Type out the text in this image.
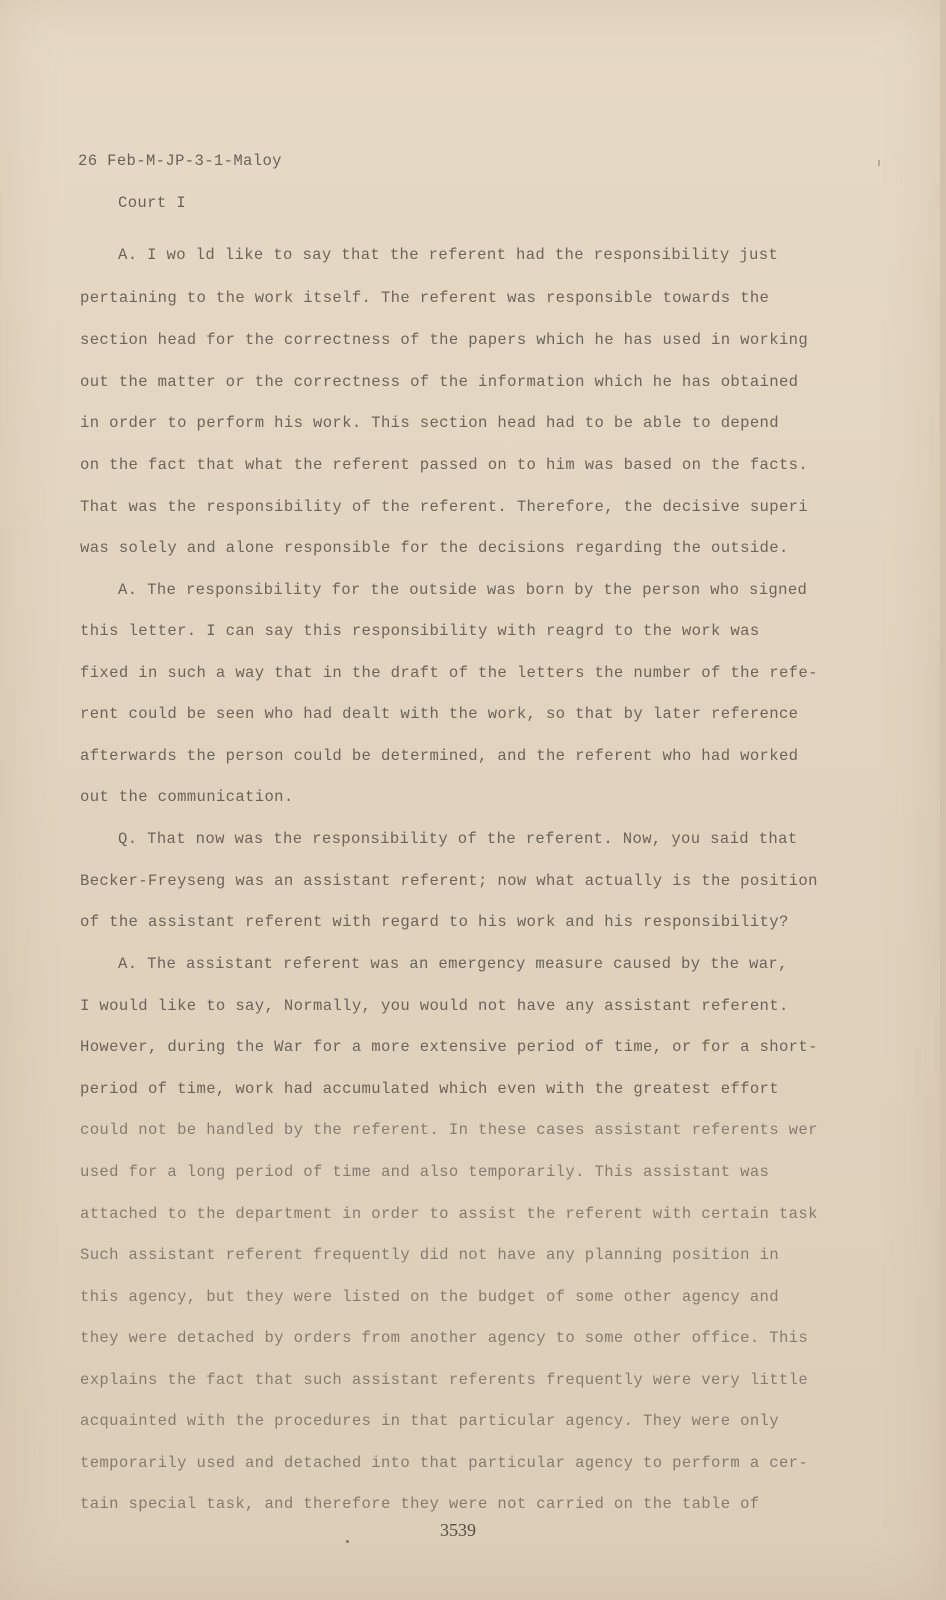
26 Feb-M-JP-3-1-Maloy
Court I
A. I wo ld like to say that the referent had the responsibility just
pertaining to the work itself. The referent was responsible towards the
section head for the correctness of the papers which he has used in working
out the matter or the correctness of the information which he has obtained
in order to perform his work. This section head had to be able to depend
on the fact that what the referent passed on to him was based on the facts.
That was the responsibility of the referent. Therefore, the decisive superi
was solely and alone responsible for the decisions regarding the outside.
A. The responsibility for the outside was born by the person who signed
this letter. I can say this responsibility with reagrd to the work was
fixed in such a way that in the draft of the letters the number of the refe-
rent could be seen who had dealt with the work, so that by later reference
afterwards the person could be determined, and the referent who had worked
out the communication.
Q. That now was the responsibility of the referent. Now, you said that
Becker-Freyseng was an assistant referent; now what actually is the position
of the assistant referent with regard to his work and his responsibility?
A. The assistant referent was an emergency measure caused by the war,
I would like to say, Normally, you would not have any assistant referent.
However, during the War for a more extensive period of time, or for a short-
period of time, work had accumulated which even with the greatest effort
could not be handled by the referent. In these cases assistant referents wer
used for a long period of time and also temporarily. This assistant was
attached to the department in order to assist the referent with certain task
Such assistant referent frequently did not have any planning position in
this agency, but they were listed on the budget of some other agency and
they were detached by orders from another agency to some other office. This
explains the fact that such assistant referents frequently were very little
acquainted with the procedures in that particular agency. They were only
temporarily used and detached into that particular agency to perform a cer-
tain special task, and therefore they were not carried on the table of
3539
